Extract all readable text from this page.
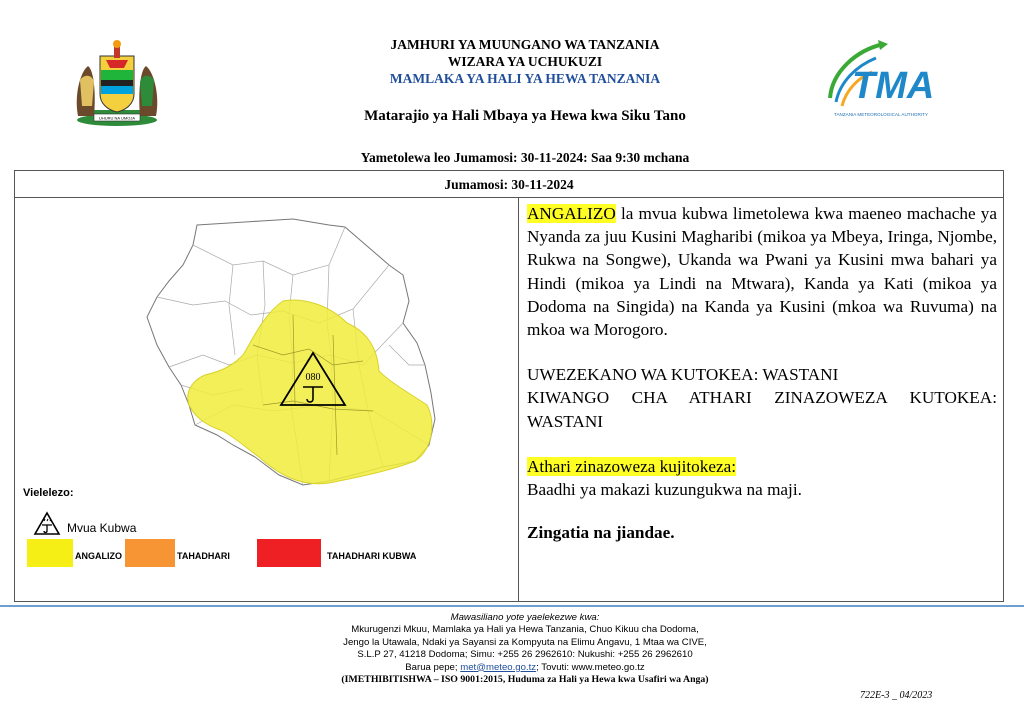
UHURU NA UMOJA
TMA
TANZANIA METEOROLOGICAL AUTHORITY
JAMHURI YA MUUNGANO WA TANZANIA
WIZARA YA UCHUKUZI
MAMLAKA YA HALI YA HEWA TANZANIA
Matarajio ya Hali Mbaya ya Hewa kwa Siku Tano
Yametolewa leo Jumamosi: 30-11-2024: Saa 9:30 mchana
Jumamosi: 30-11-2024
080
Vielelezo:
Mvua Kubwa
ANGALIZO	TAHADHARI	TAHADHARI KUBWA

ANGALIZO la mvua kubwa limetolewa kwa maeneo machache ya Nyanda za juu Kusini Magharibi (mikoa ya Mbeya, Iringa, Njombe, Rukwa na Songwe), Ukanda wa Pwani ya Kusini mwa bahari ya Hindi (mikoa ya Lindi na Mtwara), Kanda ya Kati (mikoa ya Dodoma na Singida) na Kanda ya Kusini (mkoa wa Ruvuma) na mkoa wa Morogoro.

UWEZEKANO WA KUTOKEA: WASTANI
KIWANGO CHA ATHARI ZINAZOWEZA KUTOKEA: WASTANI
Athari zinazoweza kujitokeza:
Baadhi ya makazi kuzungukwa na maji.
Zingatia na jiandae.
Mawasiliano yote yaelekezwe kwa:
Mkurugenzi Mkuu, Mamlaka ya Hali ya Hewa Tanzania, Chuo Kikuu cha Dodoma,
Jengo la Utawala, Ndaki ya Sayansi za Kompyuta na Elimu Angavu, 1 Mtaa wa CIVE,
S.L.P 27, 41218 Dodoma; Simu: +255 26 2962610: Nukushi: +255 26 2962610
Barua pepe; met@meteo.go.tz; Tovuti: www.meteo.go.tz
(IMETHIBITISHWA – ISO 9001:2015, Huduma za Hali ya Hewa kwa Usafiri wa Anga)
722E-3 _ 04/2023
